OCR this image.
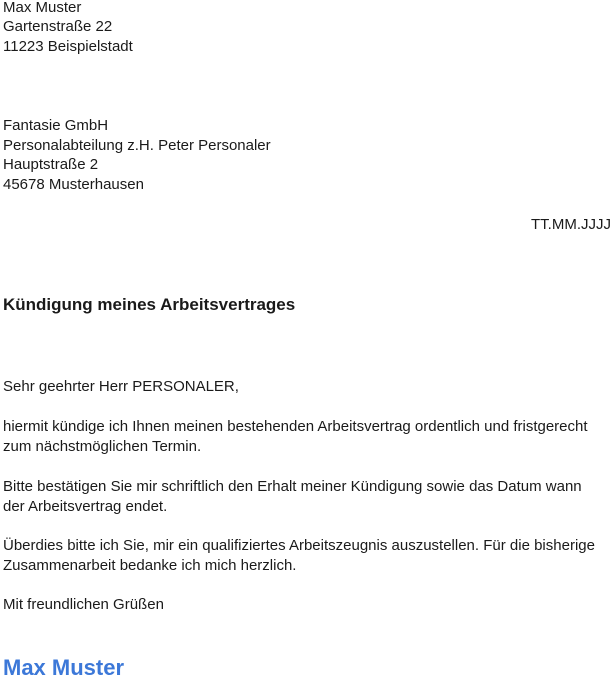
Max Muster
Gartenstraße 22
11223 Beispielstadt
Fantasie GmbH
Personalabteilung z.H. Peter Personaler
Hauptstraße 2
45678 Musterhausen
TT.MM.JJJJ
Kündigung meines Arbeitsvertrages
Sehr geehrter Herr PERSONALER,
hiermit kündige ich Ihnen meinen bestehenden Arbeitsvertrag ordentlich und fristgerecht zum nächstmöglichen Termin.
Bitte bestätigen Sie mir schriftlich den Erhalt meiner Kündigung sowie das Datum wann der Arbeitsvertrag endet.
Überdies bitte ich Sie, mir ein qualifiziertes Arbeitszeugnis auszustellen. Für die bisherige Zusammenarbeit bedanke ich mich herzlich.
Mit freundlichen Grüßen
Max Muster
